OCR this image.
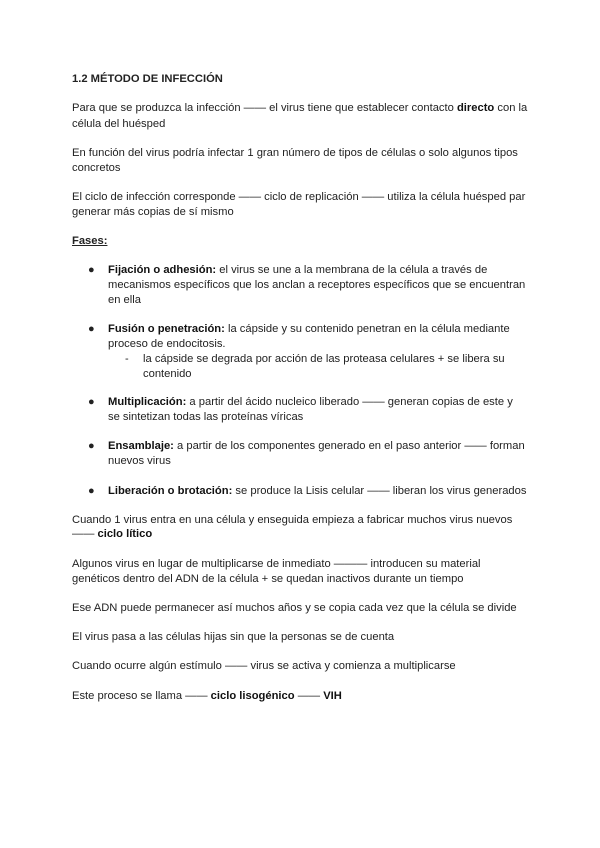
1.2 MÉTODO DE INFECCIÓN
Para que se produzca la infección —— el virus tiene que establecer contacto directo con la
célula del huésped
En función del virus podría infectar 1 gran número de tipos de células o solo algunos tipos
concretos
El ciclo de infección corresponde —— ciclo de replicación —— utiliza la célula huésped par
generar más copias de sí mismo
Fases:
● Fijación o adhesión: el virus se une a la membrana de la célula a través de
mecanismos específicos que los anclan a receptores específicos que se encuentran
en ella
● Fusión o penetración: la cápside y su contenido penetran en la célula mediante
proceso de endocitosis.
- la cápside se degrada por acción de las proteasa celulares + se libera su
contenido
● Multiplicación: a partir del ácido nucleico liberado —— generan copias de este y
se sintetizan todas las proteínas víricas
● Ensamblaje: a partir de los componentes generado en el paso anterior —— forman
nuevos virus
● Liberación o brotación: se produce la Lisis celular —— liberan los virus generados
Cuando 1 virus entra en una célula y enseguida empieza a fabricar muchos virus nuevos
—— ciclo lítico
Algunos virus en lugar de multiplicarse de inmediato ——— introducen su material
genéticos dentro del ADN de la célula + se quedan inactivos durante un tiempo
Ese ADN puede permanecer así muchos años y se copia cada vez que la célula se divide
El virus pasa a las células hijas sin que la personas se de cuenta
Cuando ocurre algún estímulo —— virus se activa y comienza a multiplicarse
Este proceso se llama —— ciclo lisogénico —— VIH
